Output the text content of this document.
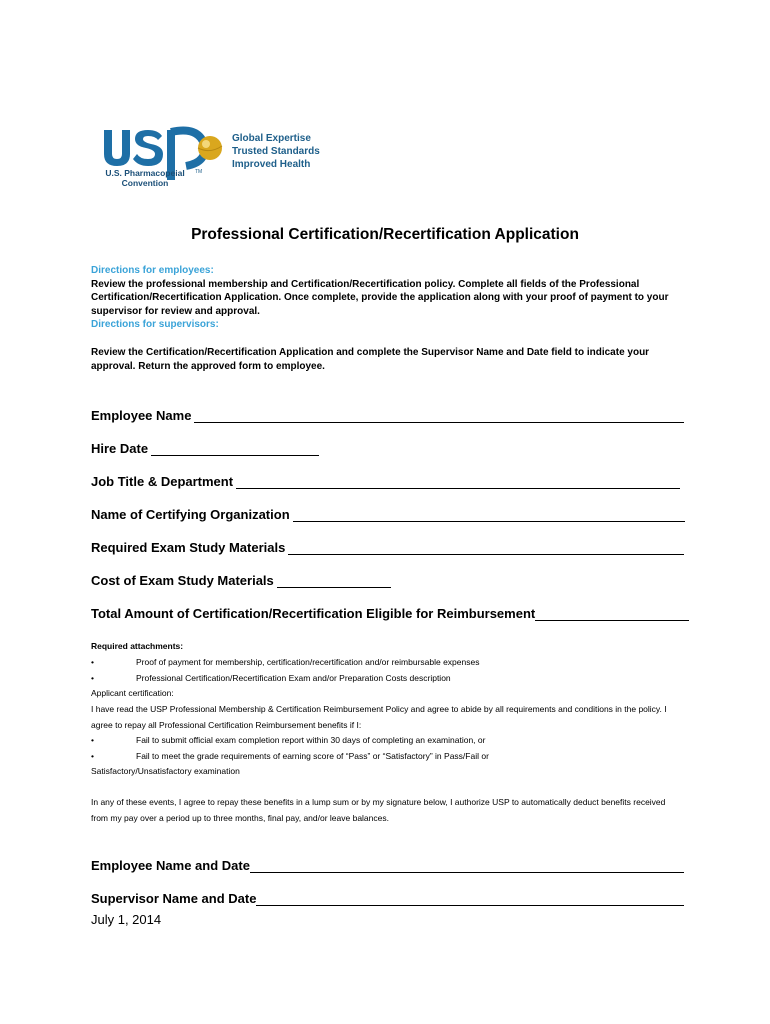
TM
Global Expertise
Trusted Standards
Improved Health
U.S. Pharmacopeial
Convention
Professional Certification/Recertification Application
Directions for employees:
Review the professional membership and Certification/Recertification policy. Complete all fields of the Professional Certification/Recertification Application. Once complete, provide the application along with your proof of payment to your supervisor for review and approval.
Directions for supervisors:
Review the Certification/Recertification Application and complete the Supervisor Name and Date field to indicate your approval. Return the approved form to employee.
Employee Name
Hire Date
Job Title & Department
Name of Certifying Organization
Required Exam Study Materials
Cost of Exam Study Materials
Total Amount of Certification/Recertification Eligible for Reimbursement
Required attachments:
•	Proof of payment for membership, certification/recertification and/or reimbursable expenses
•	Professional Certification/Recertification Exam and/or Preparation Costs description
Applicant certification:
I have read the USP Professional Membership & Certification Reimbursement Policy and agree to abide by all requirements and conditions in the policy. I agree to repay all Professional Certification Reimbursement benefits if I:
•	Fail to submit official exam completion report within 30 days of completing an examination, or
•	Fail to meet the grade requirements of earning score of “Pass” or “Satisfactory” in Pass/Fail or
Satisfactory/Unsatisfactory examination
In any of these events, I agree to repay these benefits in a lump sum or by my signature below, I authorize USP to automatically deduct benefits received from my pay over a period up to three months, final pay, and/or leave balances.
Employee Name and Date
Supervisor Name and Date
July 1, 2014
